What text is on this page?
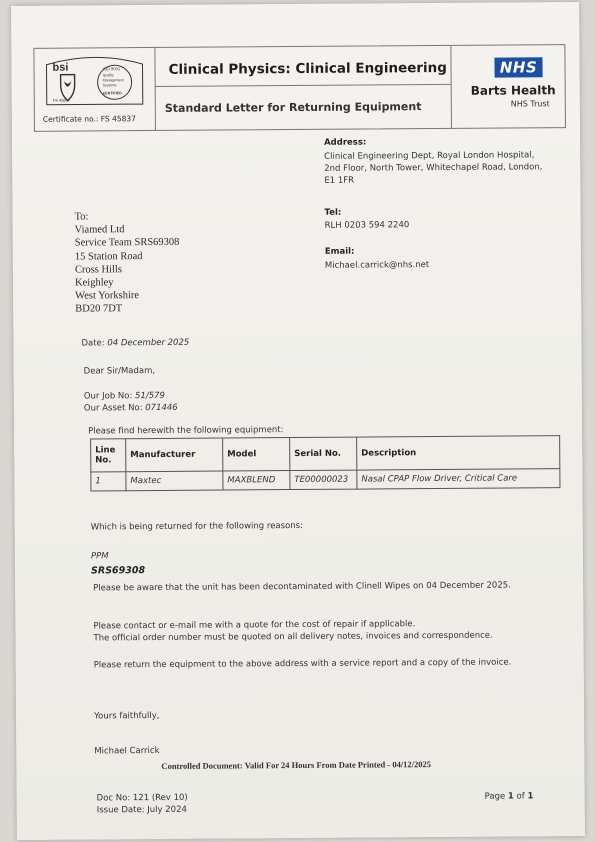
bsi
FS 45837
ISO 9001
Quality
Management
Systems
CERTIFIED
Certificate no.: FS 45837
Clinical Physics: Clinical Engineering
Standard Letter for Returning Equipment
NHS
Barts Health
NHS Trust
Address:
Clinical Engineering Dept, Royal London Hospital,
2nd Floor, North Tower, Whitechapel Road, London,
E1 1FR
Tel:
RLH 0203 594 2240
Email:
Michael.carrick@nhs.net
To:
Viamed Ltd
Service Team SRS69308
15 Station Road
Cross Hills
Keighley
West Yorkshire
BD20 7DT
Date: 04 December 2025
Dear Sir/Madam,
Our Job No: 51/579
Our Asset No: 071446
Please find herewith the following equipment:
Line No.	Manufacturer	Model	Serial No.	Description
1	Maxtec	MAXBLEND	TE00000023	Nasal CPAP Flow Driver, Critical Care
Which is being returned for the following reasons:
PPM
SRS69308
Please be aware that the unit has been decontaminated with Clinell Wipes on 04 December 2025.
Please contact or e-mail me with a quote for the cost of repair if applicable.
The official order number must be quoted on all delivery notes, invoices and correspondence.
Please return the equipment to the above address with a service report and a copy of the invoice.
Yours faithfully,
Michael Carrick
Controlled Document: Valid For 24 Hours From Date Printed - 04/12/2025
Doc No: 121 (Rev 10)
Issue Date: July 2024
Page 1 of 1
